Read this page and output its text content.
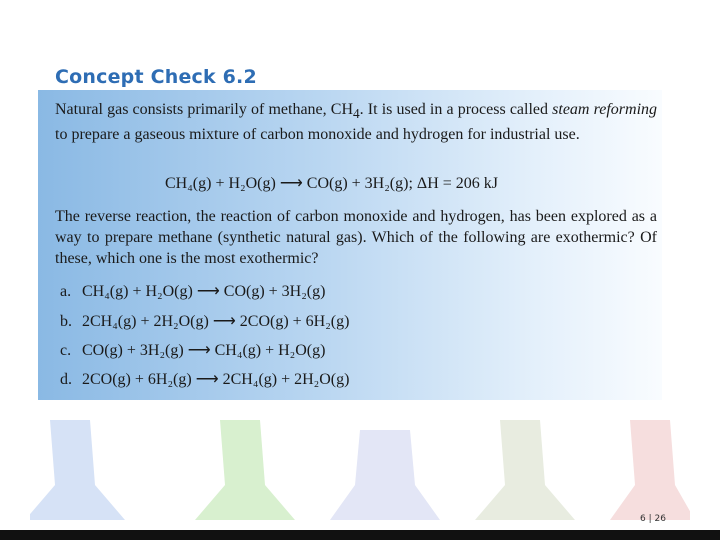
Concept Check 6.2
Natural gas consists primarily of methane, $CH_4$. It is used in a process called steam reforming to prepare a gaseous mixture of carbon monoxide and hydrogen for industrial use.
CH₄(g) + H₂O(g) ⟶ CO(g) + 3H₂(g); ΔH = 206 kJ
The reverse reaction, the reaction of carbon monoxide and hydrogen, has been explored as a way to prepare methane (synthetic natural gas). Which of the following are exothermic? Of these, which one is the most exothermic?
a. CH₄(g) + H₂O(g) ⟶ CO(g) + 3H₂(g)
b. 2CH₄(g) + 2H₂O(g) ⟶ 2CO(g) + 6H₂(g)
c. CO(g) + 3H₂(g) ⟶ CH₄(g) + H₂O(g)
d. 2CO(g) + 6H₂(g) ⟶ 2CH₄(g) + 2H₂O(g)
6 | 26
